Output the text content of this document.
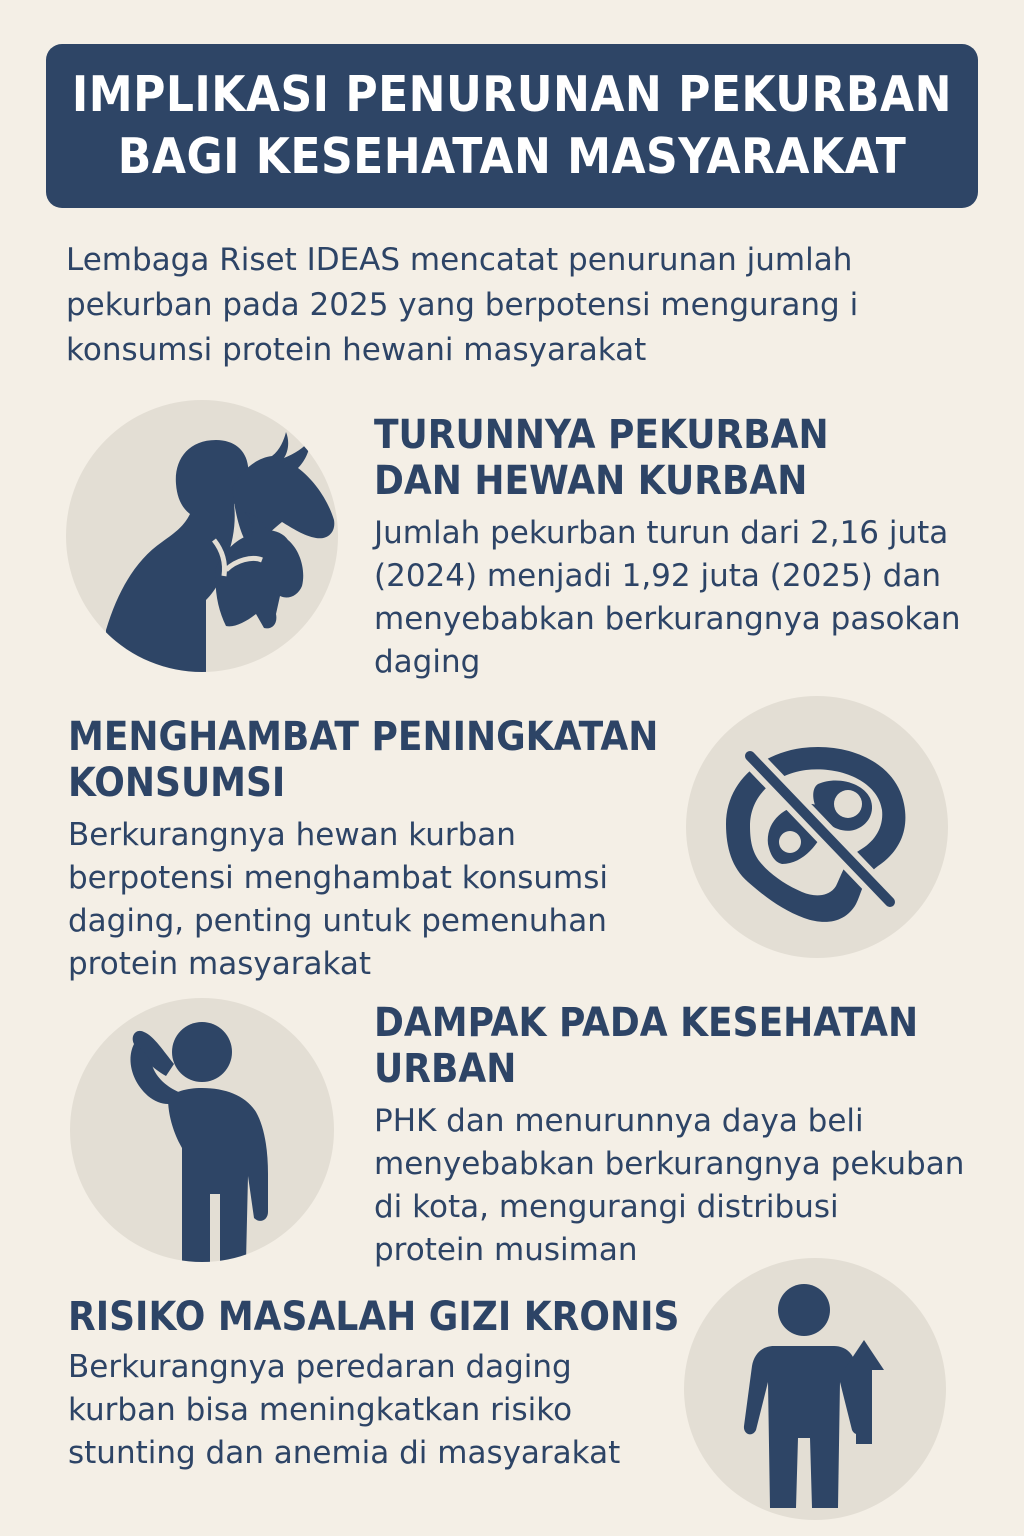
IMPLIKASI PENURUNAN PEKURBAN
BAGI KESEHATAN MASYARAKAT
Lembaga Riset IDEAS mencatat penurunan jumlah
pekurban pada 2025 yang berpotensi mengurang i
konsumsi protein hewani masyarakat
TURUNNYA PEKURBAN
DAN HEWAN KURBAN
Jumlah pekurban turun dari 2,16 juta
(2024) menjadi 1,92 juta (2025) dan
menyebabkan berkurangnya pasokan
daging
MENGHAMBAT PENINGKATAN
KONSUMSI
Berkurangnya hewan kurban
berpotensi menghambat konsumsi
daging, penting untuk pemenuhan
protein masyarakat
DAMPAK PADA KESEHATAN
URBAN
PHK dan menurunnya daya beli
menyebabkan berkurangnya pekuban
di kota, mengurangi distribusi
protein musiman
RISIKO MASALAH GIZI KRONIS
Berkurangnya peredaran daging
kurban bisa meningkatkan risiko
stunting dan anemia di masyarakat
